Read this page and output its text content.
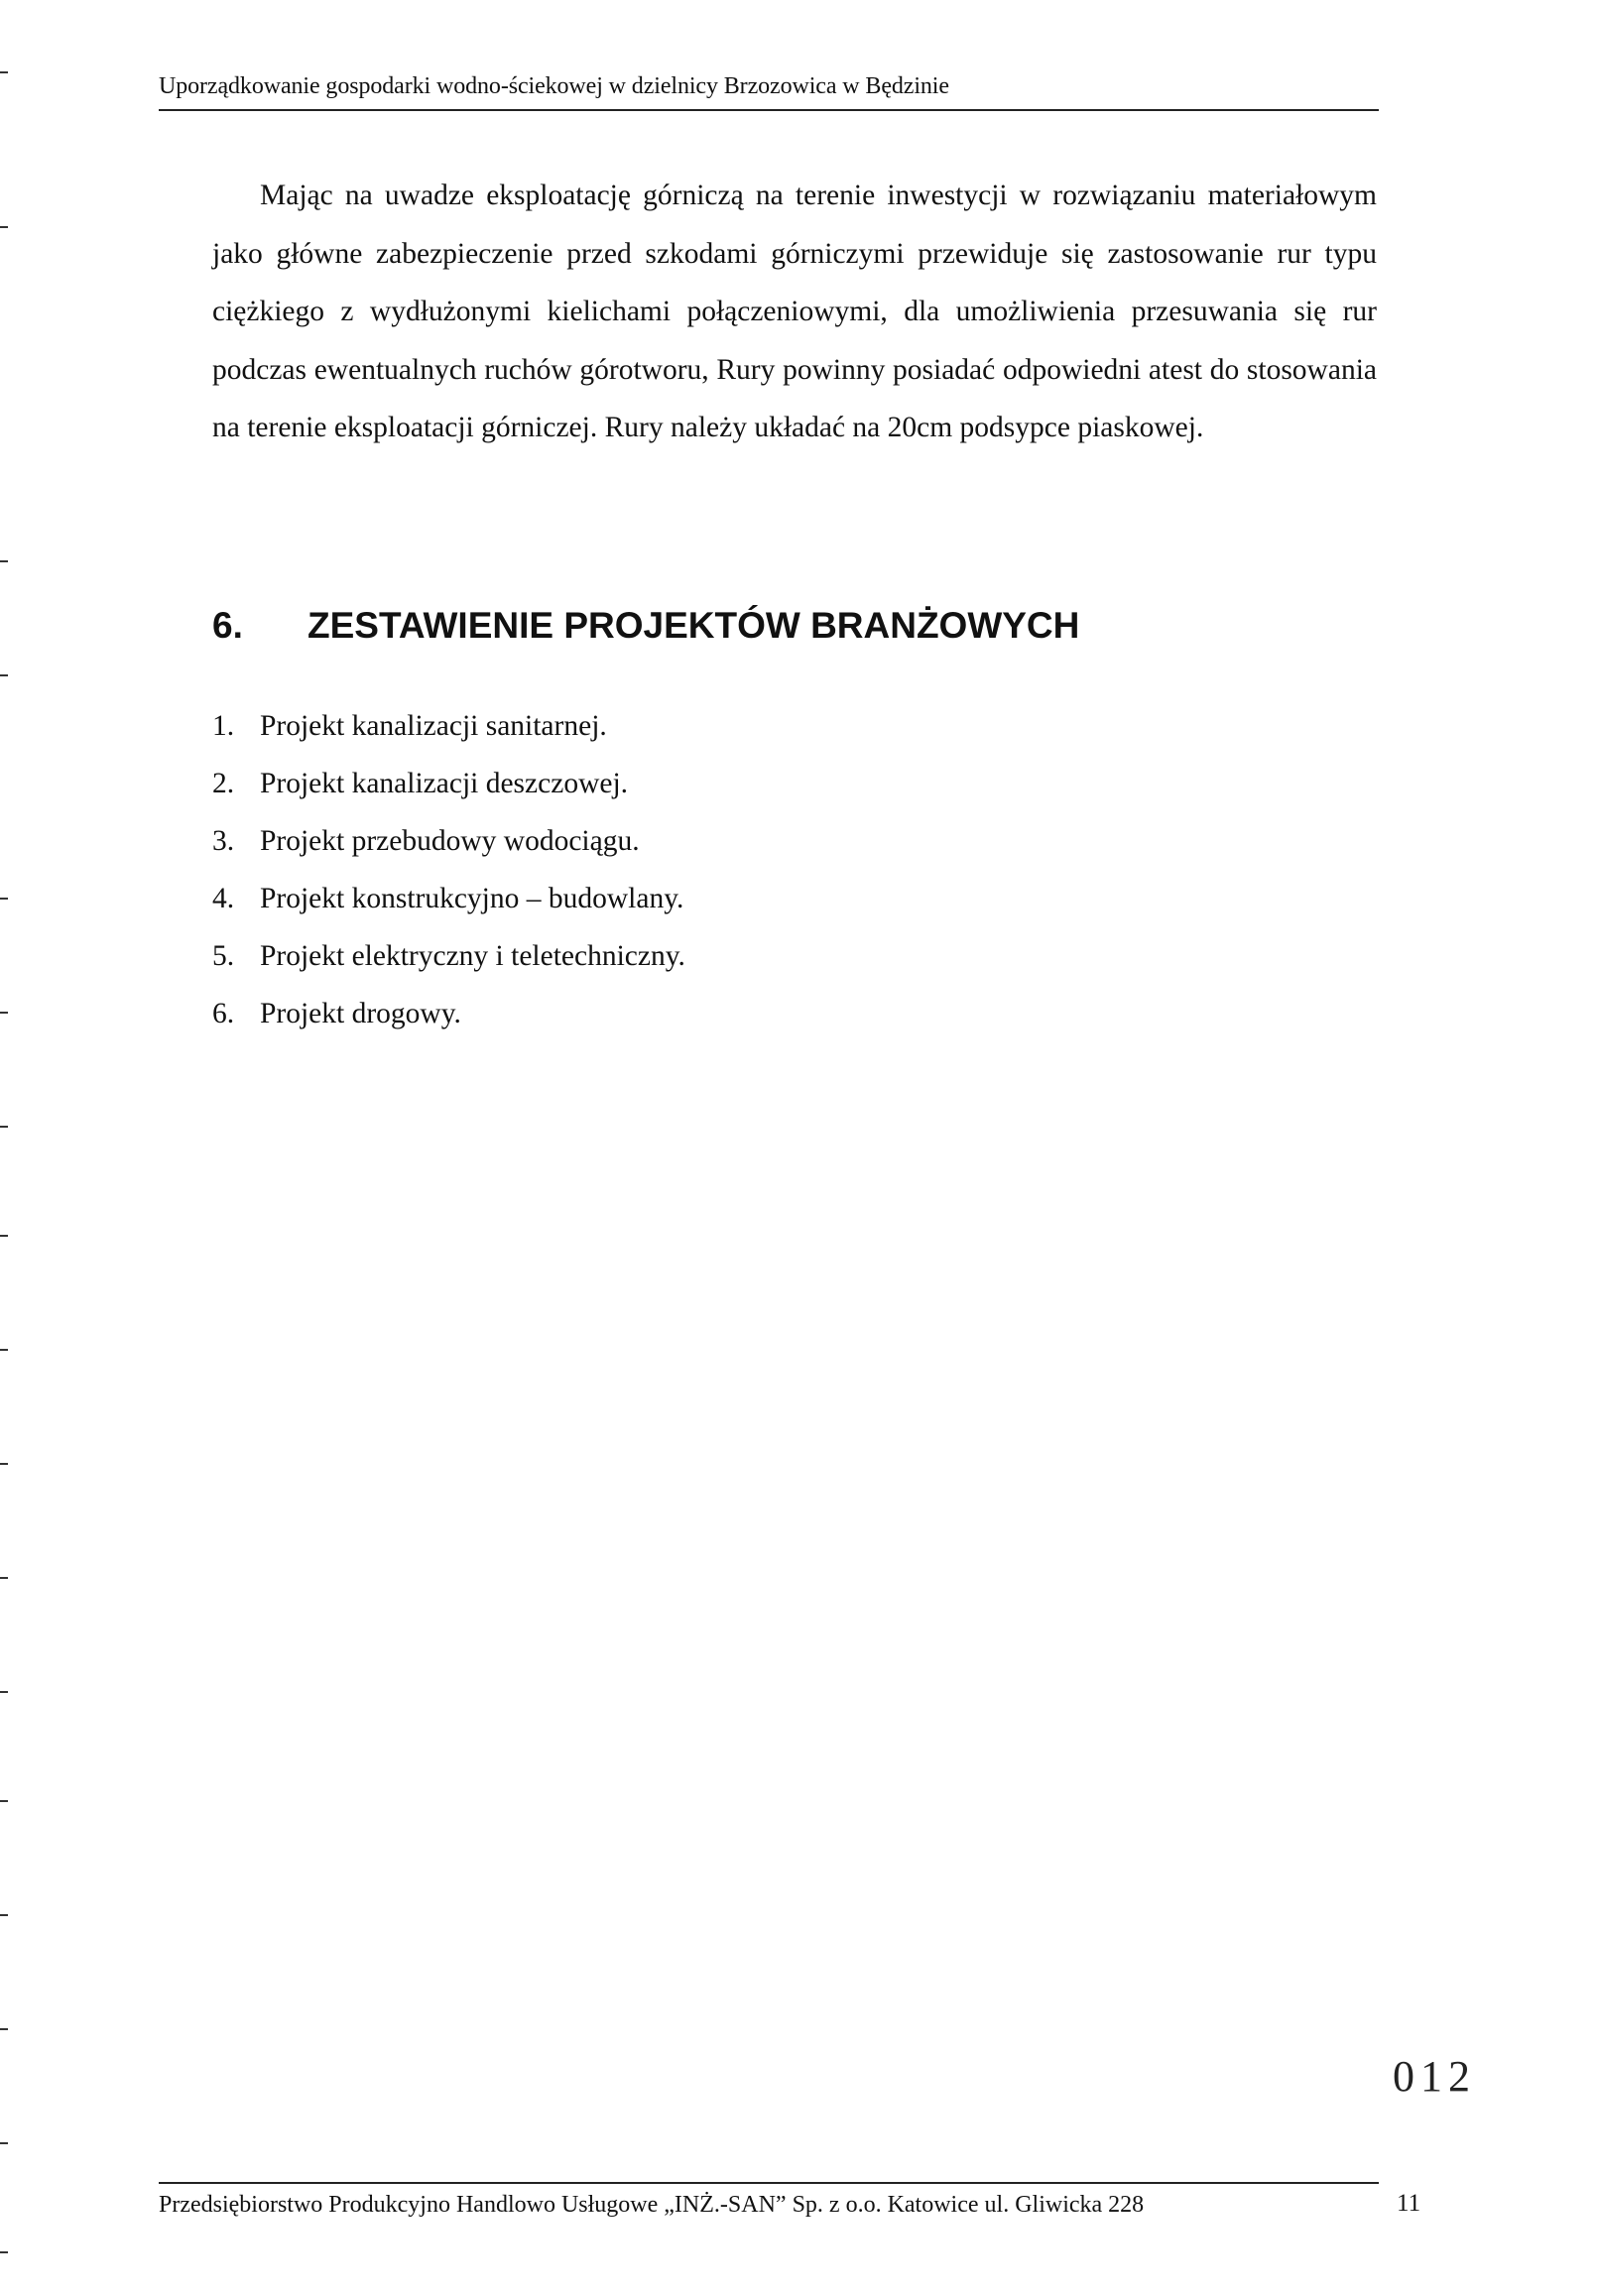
Uporządkowanie gospodarki wodno-ściekowej w dzielnicy Brzozowica w Będzinie

Mając na uwadze eksploatację górniczą na terenie inwestycji w rozwiązaniu materiałowym jako główne zabezpieczenie przed szkodami górniczymi przewiduje się zastosowanie rur typu ciężkiego z wydłużonymi kielichami połączeniowymi, dla umożliwienia przesuwania się rur podczas ewentualnych ruchów górotworu, Rury powinny posiadać odpowiedni atest do stosowania na terenie eksploatacji górniczej. Rury należy układać na 20cm podsypce piaskowej.

6. ZESTAWIENIE PROJEKTÓW BRANŻOWYCH
1. Projekt kanalizacji sanitarnej.
2. Projekt kanalizacji deszczowej.
3. Projekt przebudowy wodociągu.
4. Projekt konstrukcyjno – budowlany.
5. Projekt elektryczny i teletechniczny.
6. Projekt drogowy.
012
Przedsiębiorstwo Produkcyjno Handlowo Usługowe „INŻ.-SAN” Sp. z o.o. Katowice ul. Gliwicka 228	11
